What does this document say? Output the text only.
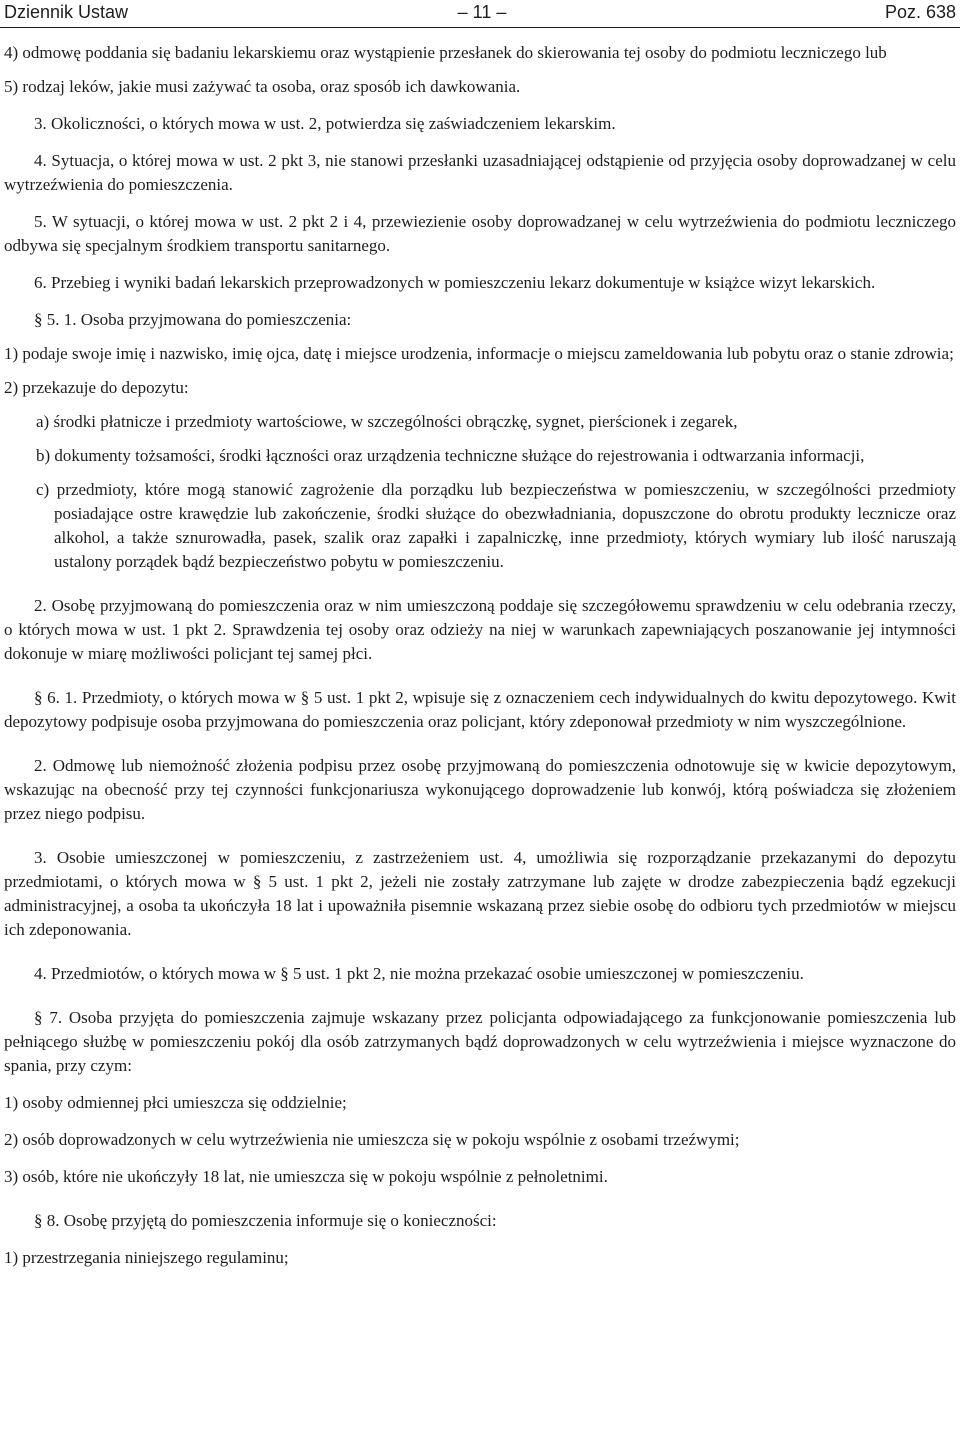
Dziennik Ustaw	– 11 –	Poz. 638

4) odmowę poddania się badaniu lekarskiemu oraz wystąpienie przesłanek do skierowania tej osoby do podmiotu leczniczego lub

5) rodzaj leków, jakie musi zażywać ta osoba, oraz sposób ich dawkowania.

3. Okoliczności, o których mowa w ust. 2, potwierdza się zaświadczeniem lekarskim.

4. Sytuacja, o której mowa w ust. 2 pkt 3, nie stanowi przesłanki uzasadniającej odstąpienie od przyjęcia osoby doprowadzanej w celu wytrzeźwienia do pomieszczenia.

5. W sytuacji, o której mowa w ust. 2 pkt 2 i 4, przewiezienie osoby doprowadzanej w celu wytrzeźwienia do podmiotu leczniczego odbywa się specjalnym środkiem transportu sanitarnego.

6. Przebieg i wyniki badań lekarskich przeprowadzonych w pomieszczeniu lekarz dokumentuje w książce wizyt lekarskich.

§ 5. 1. Osoba przyjmowana do pomieszczenia:

1) podaje swoje imię i nazwisko, imię ojca, datę i miejsce urodzenia, informacje o miejscu zameldowania lub pobytu oraz o stanie zdrowia;

2) przekazuje do depozytu:

a) środki płatnicze i przedmioty wartościowe, w szczególności obrączkę, sygnet, pierścionek i zegarek,

b) dokumenty tożsamości, środki łączności oraz urządzenia techniczne służące do rejestrowania i odtwarzania informacji,

c) przedmioty, które mogą stanowić zagrożenie dla porządku lub bezpieczeństwa w pomieszczeniu, w szczególności przedmioty posiadające ostre krawędzie lub zakończenie, środki służące do obezwładniania, dopuszczone do obrotu produkty lecznicze oraz alkohol, a także sznurowadła, pasek, szalik oraz zapałki i zapalniczkę, inne przedmioty, których wymiary lub ilość naruszają ustalony porządek bądź bezpieczeństwo pobytu w pomieszczeniu.

2. Osobę przyjmowaną do pomieszczenia oraz w nim umieszczoną poddaje się szczegółowemu sprawdzeniu w celu odebrania rzeczy, o których mowa w ust. 1 pkt 2. Sprawdzenia tej osoby oraz odzieży na niej w warunkach zapewniających poszanowanie jej intymności dokonuje w miarę możliwości policjant tej samej płci.

§ 6. 1. Przedmioty, o których mowa w § 5 ust. 1 pkt 2, wpisuje się z oznaczeniem cech indywidualnych do kwitu depozytowego. Kwit depozytowy podpisuje osoba przyjmowana do pomieszczenia oraz policjant, który zdeponował przedmioty w nim wyszczególnione.

2. Odmowę lub niemożność złożenia podpisu przez osobę przyjmowaną do pomieszczenia odnotowuje się w kwicie depozytowym, wskazując na obecność przy tej czynności funkcjonariusza wykonującego doprowadzenie lub konwój, którą poświadcza się złożeniem przez niego podpisu.

3. Osobie umieszczonej w pomieszczeniu, z zastrzeżeniem ust. 4, umożliwia się rozporządzanie przekazanymi do depozytu przedmiotami, o których mowa w § 5 ust. 1 pkt 2, jeżeli nie zostały zatrzymane lub zajęte w drodze zabezpieczenia bądź egzekucji administracyjnej, a osoba ta ukończyła 18 lat i upoważniła pisemnie wskazaną przez siebie osobę do odbioru tych przedmiotów w miejscu ich zdeponowania.

4. Przedmiotów, o których mowa w § 5 ust. 1 pkt 2, nie można przekazać osobie umieszczonej w pomieszczeniu.

§ 7. Osoba przyjęta do pomieszczenia zajmuje wskazany przez policjanta odpowiadającego za funkcjonowanie pomieszczenia lub pełniącego służbę w pomieszczeniu pokój dla osób zatrzymanych bądź doprowadzonych w celu wytrzeźwienia i miejsce wyznaczone do spania, przy czym:

1) osoby odmiennej płci umieszcza się oddzielnie;

2) osób doprowadzonych w celu wytrzeźwienia nie umieszcza się w pokoju wspólnie z osobami trzeźwymi;

3) osób, które nie ukończyły 18 lat, nie umieszcza się w pokoju wspólnie z pełnoletnimi.

§ 8. Osobę przyjętą do pomieszczenia informuje się o konieczności:

1) przestrzegania niniejszego regulaminu;
